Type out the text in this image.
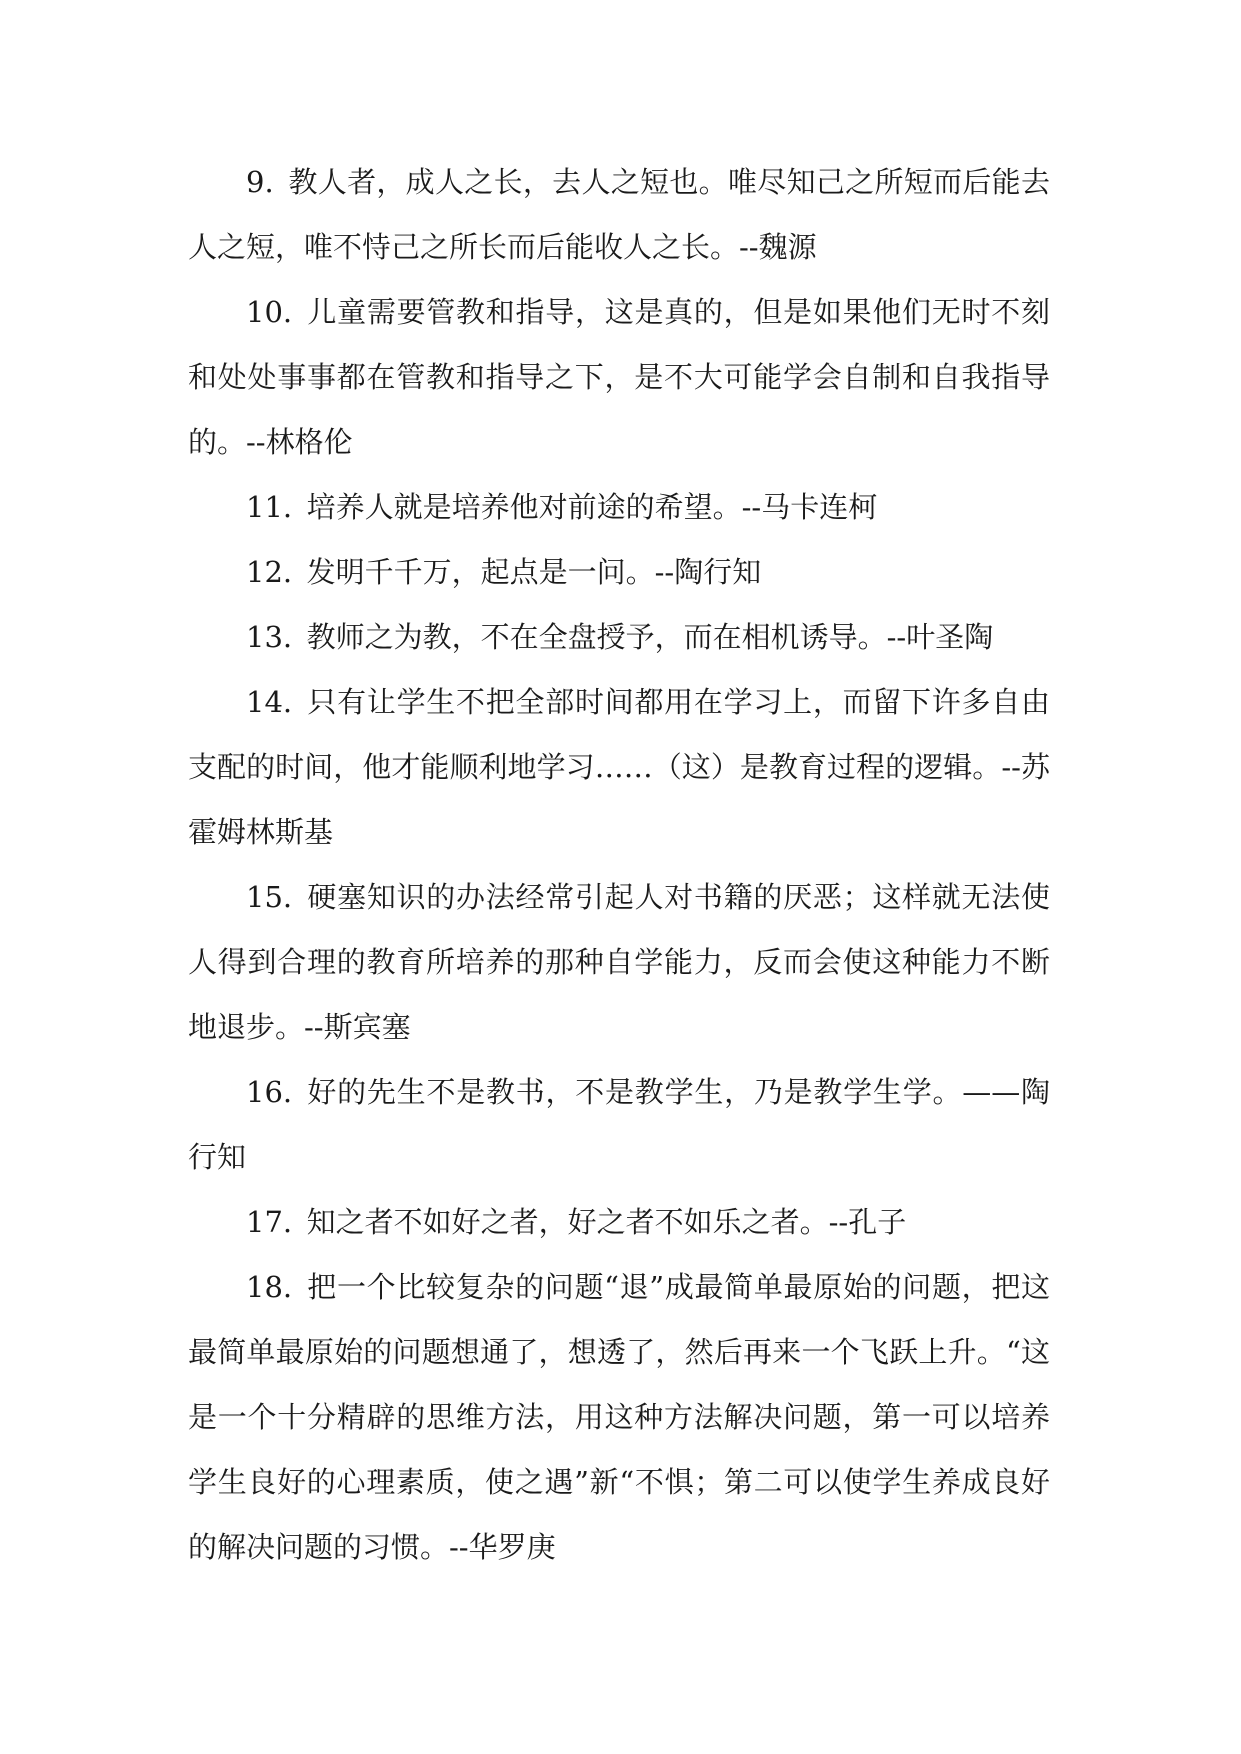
9. 教人者，成人之长，去人之短也。唯尽知己之所短而后能去人之短，唯不恃己之所长而后能收人之长。--魏源

10. 儿童需要管教和指导，这是真的，但是如果他们无时不刻和处处事事都在管教和指导之下，是不大可能学会自制和自我指导的。--林格伦

11. 培养人就是培养他对前途的希望。--马卡连柯

12. 发明千千万，起点是一问。--陶行知

13. 教师之为教，不在全盘授予，而在相机诱导。--叶圣陶

14. 只有让学生不把全部时间都用在学习上，而留下许多自由支配的时间，他才能顺利地学习……（这）是教育过程的逻辑。--苏霍姆林斯基

15. 硬塞知识的办法经常引起人对书籍的厌恶；这样就无法使人得到合理的教育所培养的那种自学能力，反而会使这种能力不断地退步。--斯宾塞

16. 好的先生不是教书，不是教学生，乃是教学生学。——陶行知

17. 知之者不如好之者，好之者不如乐之者。--孔子

18. 把一个比较复杂的问题“退”成最简单最原始的问题，把这最简单最原始的问题想通了，想透了，然后再来一个飞跃上升。“这是一个十分精辟的思维方法，用这种方法解决问题，第一可以培养学生良好的心理素质，使之遇”新“不惧；第二可以使学生养成良好的解决问题的习惯。--华罗庚
